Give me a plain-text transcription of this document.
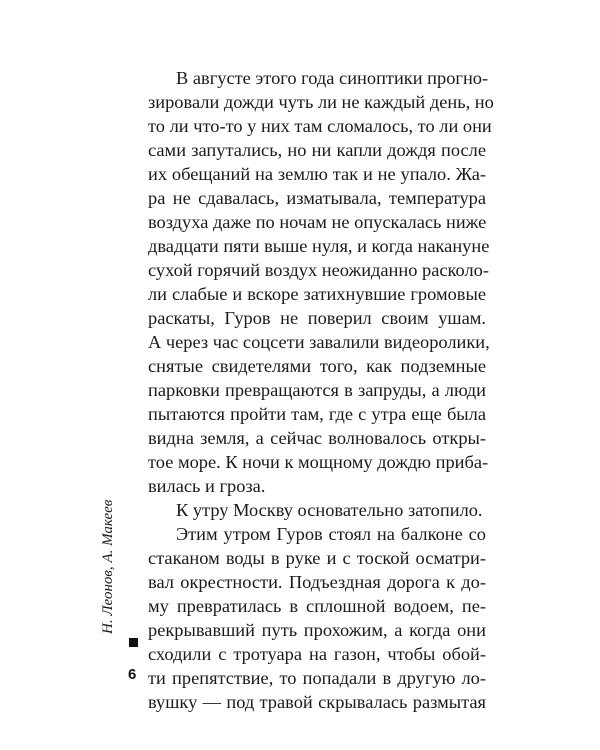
Н. Леонов, А. Макеев
6
В августе этого года синоптики прогно-
зировали дожди чуть ли не каждый день, но
то ли что-то у них там сломалось, то ли они
сами запутались, но ни капли дождя после
их обещаний на землю так и не упало. Жа-
ра не сдавалась, изматывала, температура
воздуха даже по ночам не опускалась ниже
двадцати пяти выше нуля, и когда накануне
сухой горячий воздух неожиданно расколо-
ли слабые и вскоре затихнувшие громовые
раскаты, Гуров не поверил своим ушам.
А через час соцсети завалили видеоролики,
снятые свидетелями того, как подземные
парковки превращаются в запруды, а люди
пытаются пройти там, где с утра еще была
видна земля, а сейчас волновалось откры-
тое море. К ночи к мощному дождю приба-
вилась и гроза.
К утру Москву основательно затопило.
Этим утром Гуров стоял на балконе со
стаканом воды в руке и с тоской осматри-
вал окрестности. Подъездная дорога к до-
му превратилась в сплошной водоем, пе-
рекрывавший путь прохожим, а когда они
сходили с тротуара на газон, чтобы обой-
ти препятствие, то попадали в другую ло-
вушку — под травой скрывалась размытая
